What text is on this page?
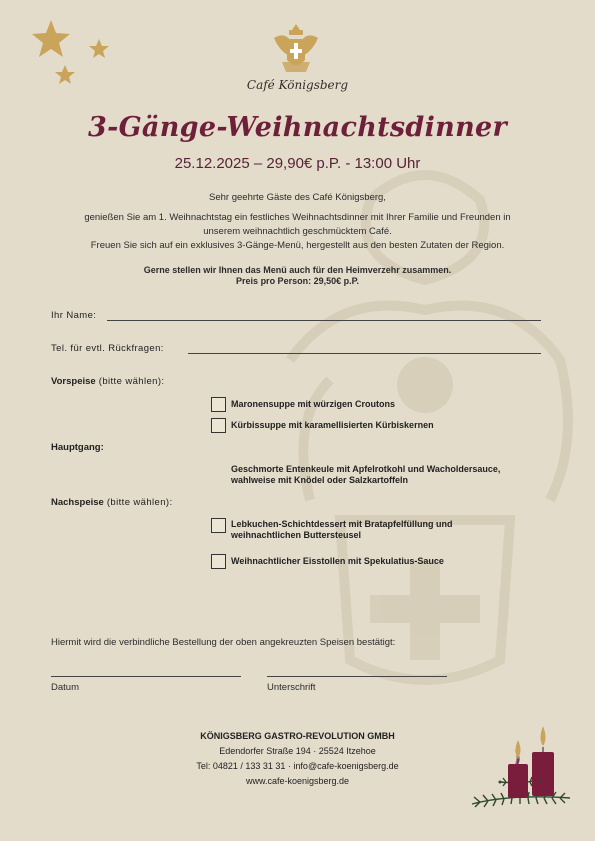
Café Königsberg
3-Gänge-Weihnachtsdinner
25.12.2025 – 29,90€ p.P. - 13:00 Uhr
Sehr geehrte Gäste des Café Königsberg,
genießen Sie am 1. Weihnachtstag ein festliches Weihnachtsdinner mit Ihrer Familie und Freunden in
unserem weihnachtlich geschmücktem Café.
Freuen Sie sich auf ein exklusives 3-Gänge-Menü, hergestellt aus den besten Zutaten der Region.
Gerne stellen wir Ihnen das Menü auch für den Heimverzehr zusammen.
Preis pro Person: 29,50€ p.P.
Ihr Name:
Tel. für evtl. Rückfragen:
Vorspeise (bitte wählen):
Maronensuppe mit würzigen Croutons
Kürbissuppe mit karamellisierten Kürbiskernen
Hauptgang:
Geschmorte Entenkeule mit Apfelrotkohl und Wacholdersauce,
wahlweise mit Knödel oder Salzkartoffeln
Nachspeise (bitte wählen):
Lebkuchen-Schichtdessert mit Bratapfelfüllung und
weihnachtlichen Buttersteusel
Weihnachtlicher Eisstollen mit Spekulatius-Sauce
Hiermit wird die verbindliche Bestellung der oben angekreuzten Speisen bestätigt:
Datum	Unterschrift
KÖNIGSBERG GASTRO-REVOLUTION GMBH
Edendorfer Straße 194 · 25524 Itzehoe
Tel: 04821 / 133 31 31 · info@cafe-koenigsberg.de
www.cafe-koenigsberg.de
